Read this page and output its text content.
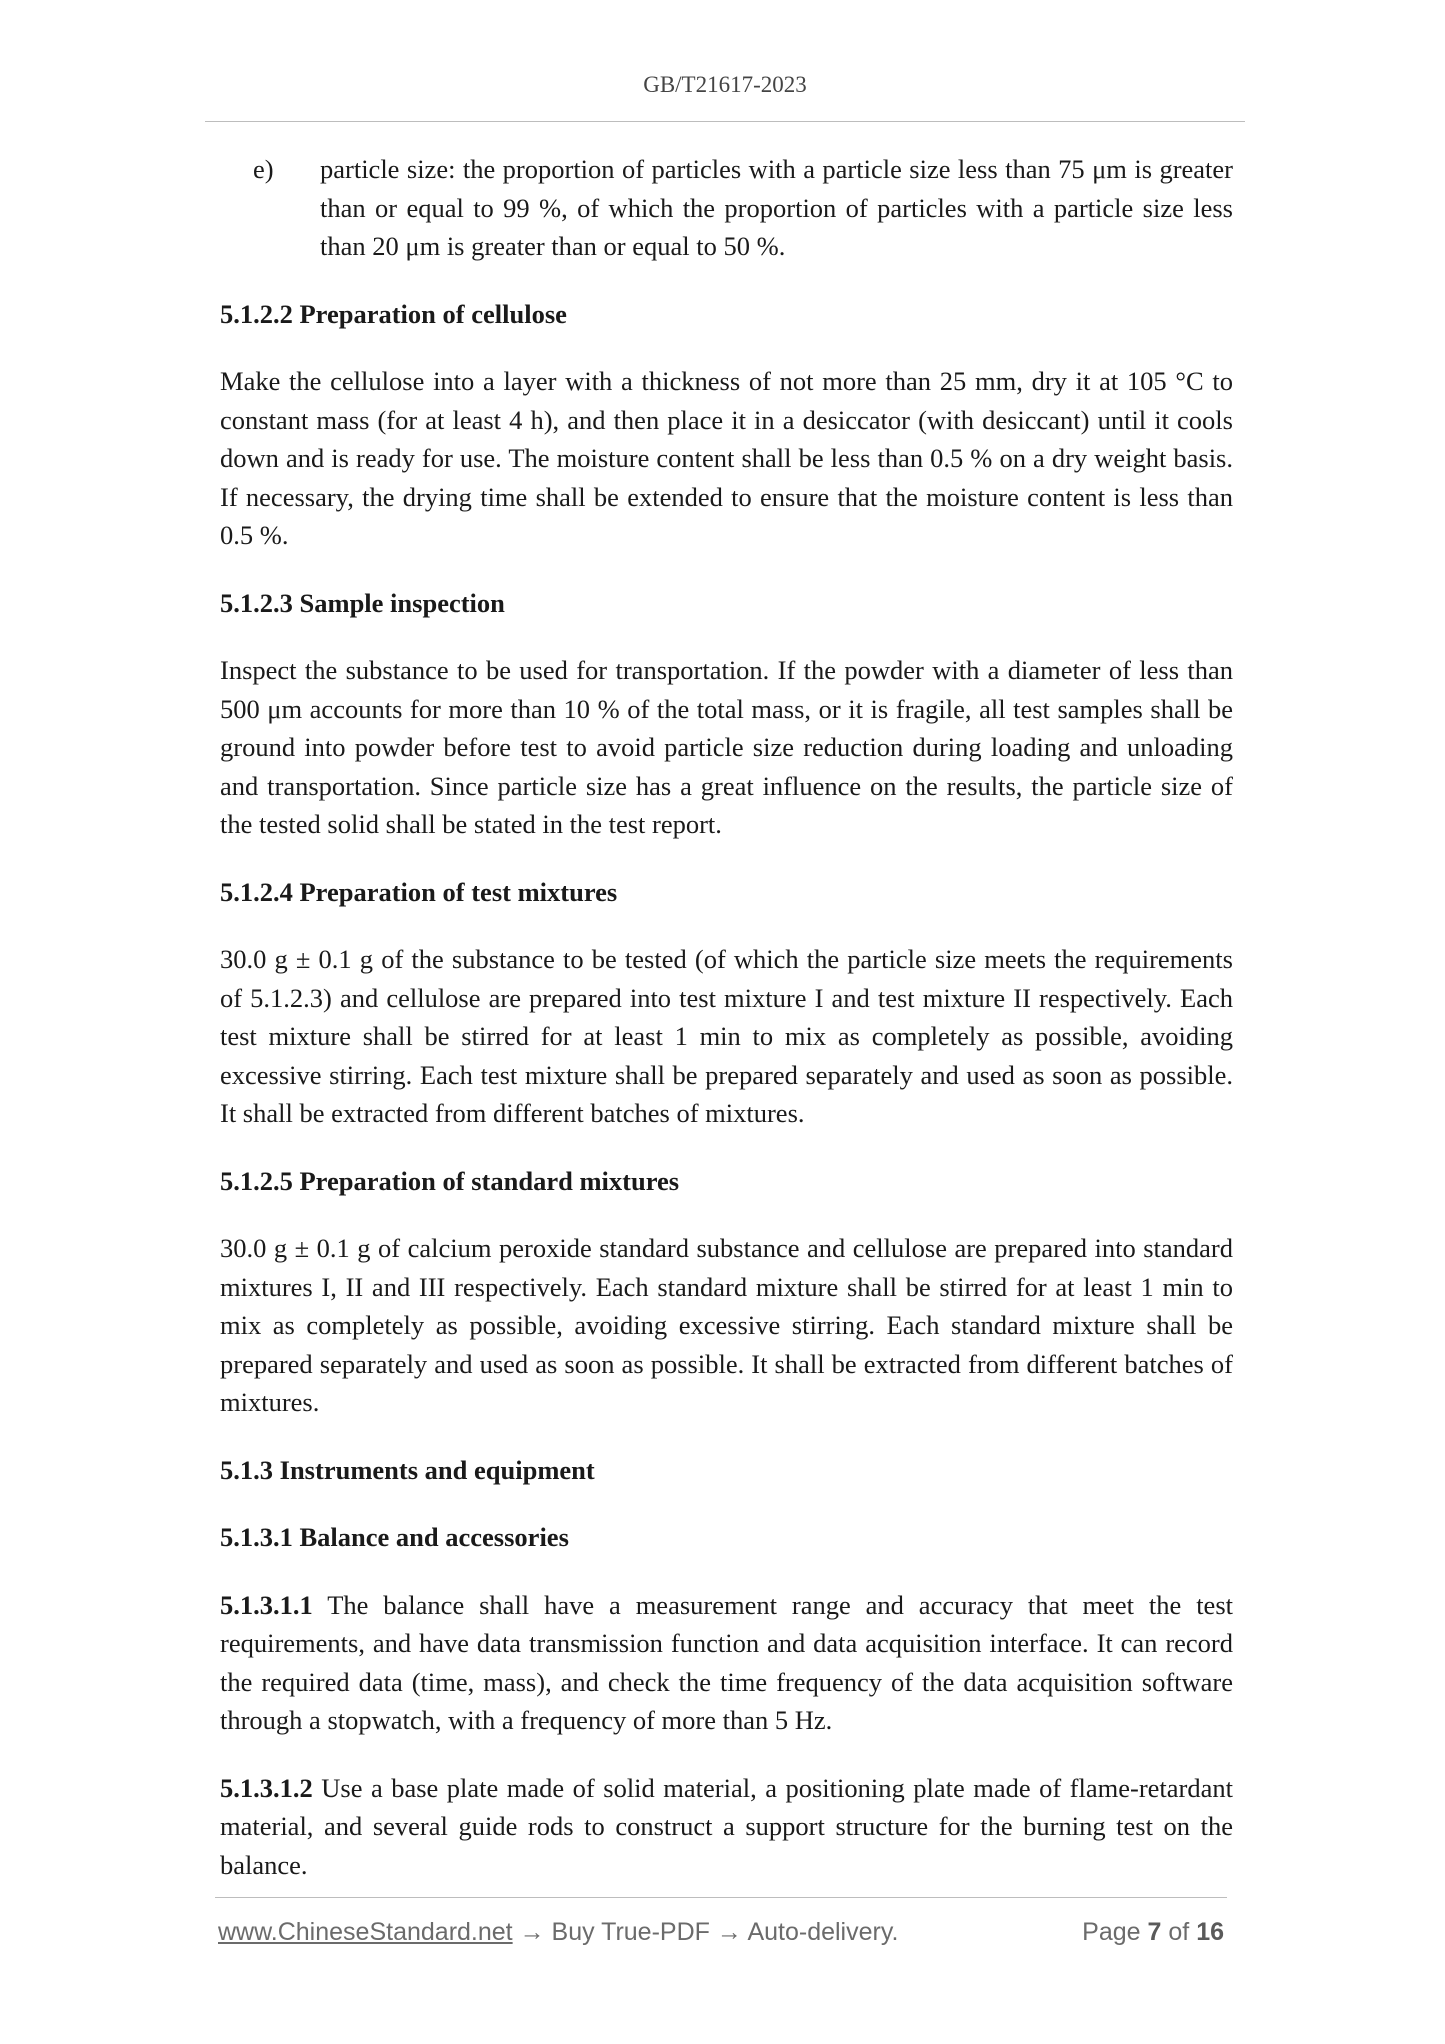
GB/T21617-2023
e)	particle size: the proportion of particles with a particle size less than 75 μm is greater than or equal to 99 %, of which the proportion of particles with a particle size less than 20 μm is greater than or equal to 50 %.
5.1.2.2 Preparation of cellulose
Make the cellulose into a layer with a thickness of not more than 25 mm, dry it at 105 °C to constant mass (for at least 4 h), and then place it in a desiccator (with desiccant) until it cools down and is ready for use. The moisture content shall be less than 0.5 % on a dry weight basis. If necessary, the drying time shall be extended to ensure that the moisture content is less than 0.5 %.
5.1.2.3 Sample inspection
Inspect the substance to be used for transportation. If the powder with a diameter of less than 500 μm accounts for more than 10 % of the total mass, or it is fragile, all test samples shall be ground into powder before test to avoid particle size reduction during loading and unloading and transportation. Since particle size has a great influence on the results, the particle size of the tested solid shall be stated in the test report.
5.1.2.4 Preparation of test mixtures
30.0 g ± 0.1 g of the substance to be tested (of which the particle size meets the requirements of 5.1.2.3) and cellulose are prepared into test mixture I and test mixture II respectively. Each test mixture shall be stirred for at least 1 min to mix as completely as possible, avoiding excessive stirring. Each test mixture shall be prepared separately and used as soon as possible. It shall be extracted from different batches of mixtures.
5.1.2.5 Preparation of standard mixtures
30.0 g ± 0.1 g of calcium peroxide standard substance and cellulose are prepared into standard mixtures I, II and III respectively. Each standard mixture shall be stirred for at least 1 min to mix as completely as possible, avoiding excessive stirring. Each standard mixture shall be prepared separately and used as soon as possible. It shall be extracted from different batches of mixtures.
5.1.3 Instruments and equipment
5.1.3.1 Balance and accessories
5.1.3.1.1 The balance shall have a measurement range and accuracy that meet the test requirements, and have data transmission function and data acquisition interface. It can record the required data (time, mass), and check the time frequency of the data acquisition software through a stopwatch, with a frequency of more than 5 Hz.
5.1.3.1.2 Use a base plate made of solid material, a positioning plate made of flame-retardant material, and several guide rods to construct a support structure for the burning test on the balance.
www.ChineseStandard.net → Buy True-PDF → Auto-delivery.	Page 7 of 16
